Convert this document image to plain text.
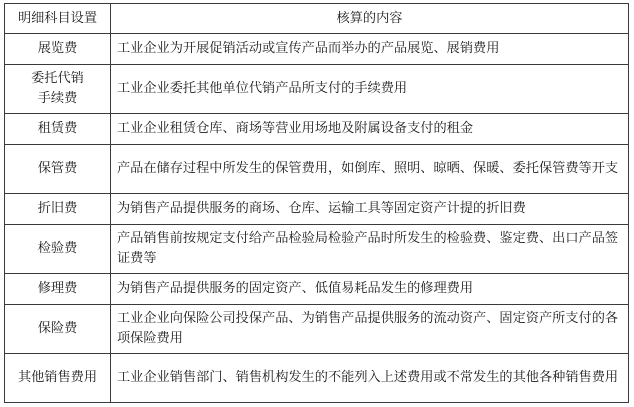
明细科目设置	核算的内容
展览费	工业企业为开展促销活动或宣传产品而举办的产品展览、展销费用
委托代销手续费	工业企业委托其他单位代销产品所支付的手续费用
租赁费	工业企业租赁仓库、商场等营业用场地及附属设备支付的租金
保管费	产品在储存过程中所发生的保管费用，如倒库、照明、晾晒、保暖、委托保管费等开支
折旧费	为销售产品提供服务的商场、仓库、运输工具等固定资产计提的折旧费
检验费	产品销售前按规定支付给产品检验局检验产品时所发生的检验费、鉴定费、出口产品签证费等
修理费	为销售产品提供服务的固定资产、低值易耗品发生的修理费用
保险费	工业企业向保险公司投保产品、为销售产品提供服务的流动资产、固定资产所支付的各项保险费用
其他销售费用	工业企业销售部门、销售机构发生的不能列入上述费用或不常发生的其他各种销售费用
